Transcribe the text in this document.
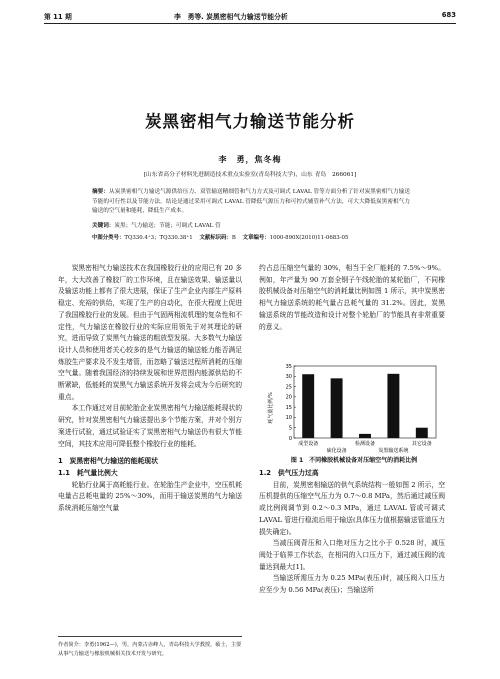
第 11 期	李　勇等. 炭黑密相气力输送节能分析	683
炭黑密相气力输送节能分析
李　勇，焦冬梅
[山东省高分子材料先进制造技术重点实验室(青岛科技大学)，山东 青岛　266061]
摘要：从炭黑密相气力输送气源供给压力、双管输送精细管和气力方式及可调式 LAVAL 管等方面分析了针对炭黑密相气力输送节能的可行性以及节能方法。结论是通过采用可调式 LAVAL 管降低气源压力和可控式辅管补气方法，可大大降低炭黑密相气力输送的空气量和能耗，降低生产成本。
关键词：炭黑；气力输送；节能；可调式 LAVAL 管
中图分类号：TQ330.4⁺3；TQ330.38⁺1 文献标识码：B 文章编号：1000-890X(2010)11-0683-05

炭黑密相气力输送技术在我国橡胶行业的应用已有 20 多年，大大改善了橡胶厂的工作环境，且在输送效果、输送量以及输送功能上都有了很大进展，保证了生产企业内部生产原料稳定、充裕的供给，实现了生产的自动化，在很大程度上促进了我国橡胶行业的发展。但由于气固两相流机理的复杂性和不定性，气力输送在橡胶行业的实际应用领先于对其理论的研究，进而导致了炭黑气力输送的粗放型发展。大多数气力输送设计人员和使用者关心较多的是气力输送的输送能力能否满足炼胶生产要求及不发生堵管，而忽略了输送过程所消耗的压缩空气量。随着我国经济的持续发展和世界范围内能源供给的不断紧缺，低能耗的炭黑气力输送系统开发将会成为今后研究的重点。

本工作通过对目前轮胎企业炭黑密相气力输送能耗现状的研究，针对炭黑密相气力输送提出多个节能方案，并对个别方案进行试验，通过试验证实了炭黑密相气力输送仍有很大节能空间，其技术应用可降低整个橡胶行业的能耗。

1　炭黑密相气力输送的能耗现状

1.1　耗气量比例大

轮胎行业属于高耗能行业。在轮胎生产企业中，空压机耗电量占总耗电量的 25%～30%，而用于输送炭黑的气力输送系统消耗压缩空气量

作者简介：李勇(1962—)，男，内蒙古赤峰人，青岛科技大学教授，硕士，主要从事气力输送与橡胶机械相关技术开发与研究。

约占总压缩空气量的 30%，相当于全厂能耗的 7.5%～9%。例如，年产量为 90 万套全钢子午线轮胎的某轮胎厂，不同橡胶机械设备对压缩空气的消耗量比例如图 1 所示，其中炭黑密相气力输送系统的耗气量占总耗气量的 31.2%。因此，炭黑输送系统的节能改造和设计对整个轮胎厂的节能具有非常重要的意义。

耗气量比例/%
0
5
10
15
20
25
30
35
成型设备
硫化设备
检测设备
炭黑输送系统
其它设备
图 1　不同橡胶机械设备对压缩空气的消耗比例

1.2　供气压力过高

目前，炭黑密相输送的供气系统结构一般如图 2 所示，空压机提供的压缩空气压力为 0.7～0.8 MPa，然后通过减压阀或比例阀调节到 0.2～0.3 MPa，通过 LAVAL 管或可调式 LAVAL 管进行稳流后用于输送(具体压力值根据输送管道压力损失确定)。

当减压阀背压和入口绝对压力之比小于 0.528 时，减压阀处于临界工作状态，在相同的入口压力下，通过减压阀的流量达到最大[1]。

当输送所需压力为 0.25 MPa(表压)时，减压阀入口压力应至少为 0.56 MPa(表压)；当输送所
